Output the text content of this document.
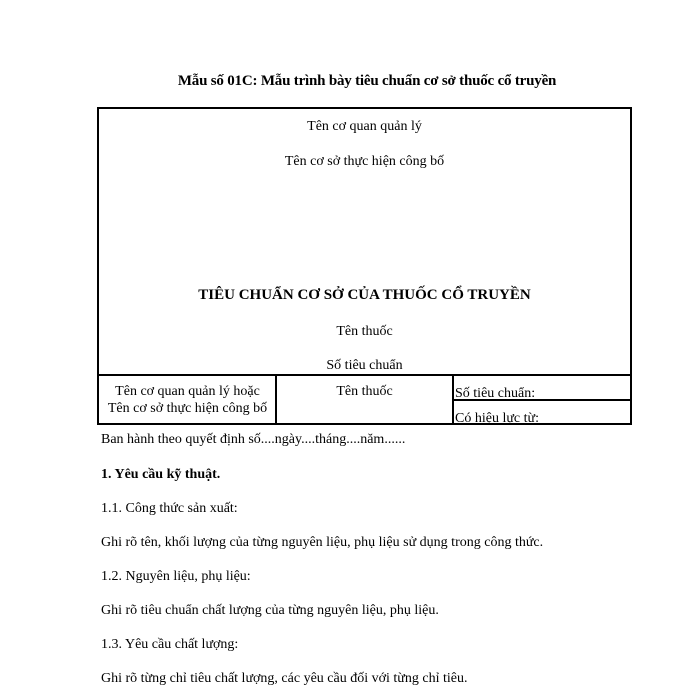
Mẫu số 01C: Mẫu trình bày tiêu chuẩn cơ sở thuốc cổ truyền
Tên cơ quan quản lý
Tên cơ sở thực hiện công bố
TIÊU CHUẨN CƠ SỞ CỦA THUỐC CỔ TRUYỀN
Tên thuốc
Số tiêu chuẩn
Tên cơ quan quản lý hoặc
Tên cơ sở thực hiện công bố
Tên thuốc	Số tiêu chuẩn:
Có hiệu lực từ:
Ban hành theo quyết định số....ngày....tháng....năm......
1. Yêu cầu kỹ thuật.
1.1. Công thức sản xuất:
Ghi rõ tên, khối lượng của từng nguyên liệu, phụ liệu sử dụng trong công thức.
1.2. Nguyên liệu, phụ liệu:
Ghi rõ tiêu chuẩn chất lượng của từng nguyên liệu, phụ liệu.
1.3. Yêu cầu chất lượng:
Ghi rõ từng chỉ tiêu chất lượng, các yêu cầu đối với từng chỉ tiêu.
